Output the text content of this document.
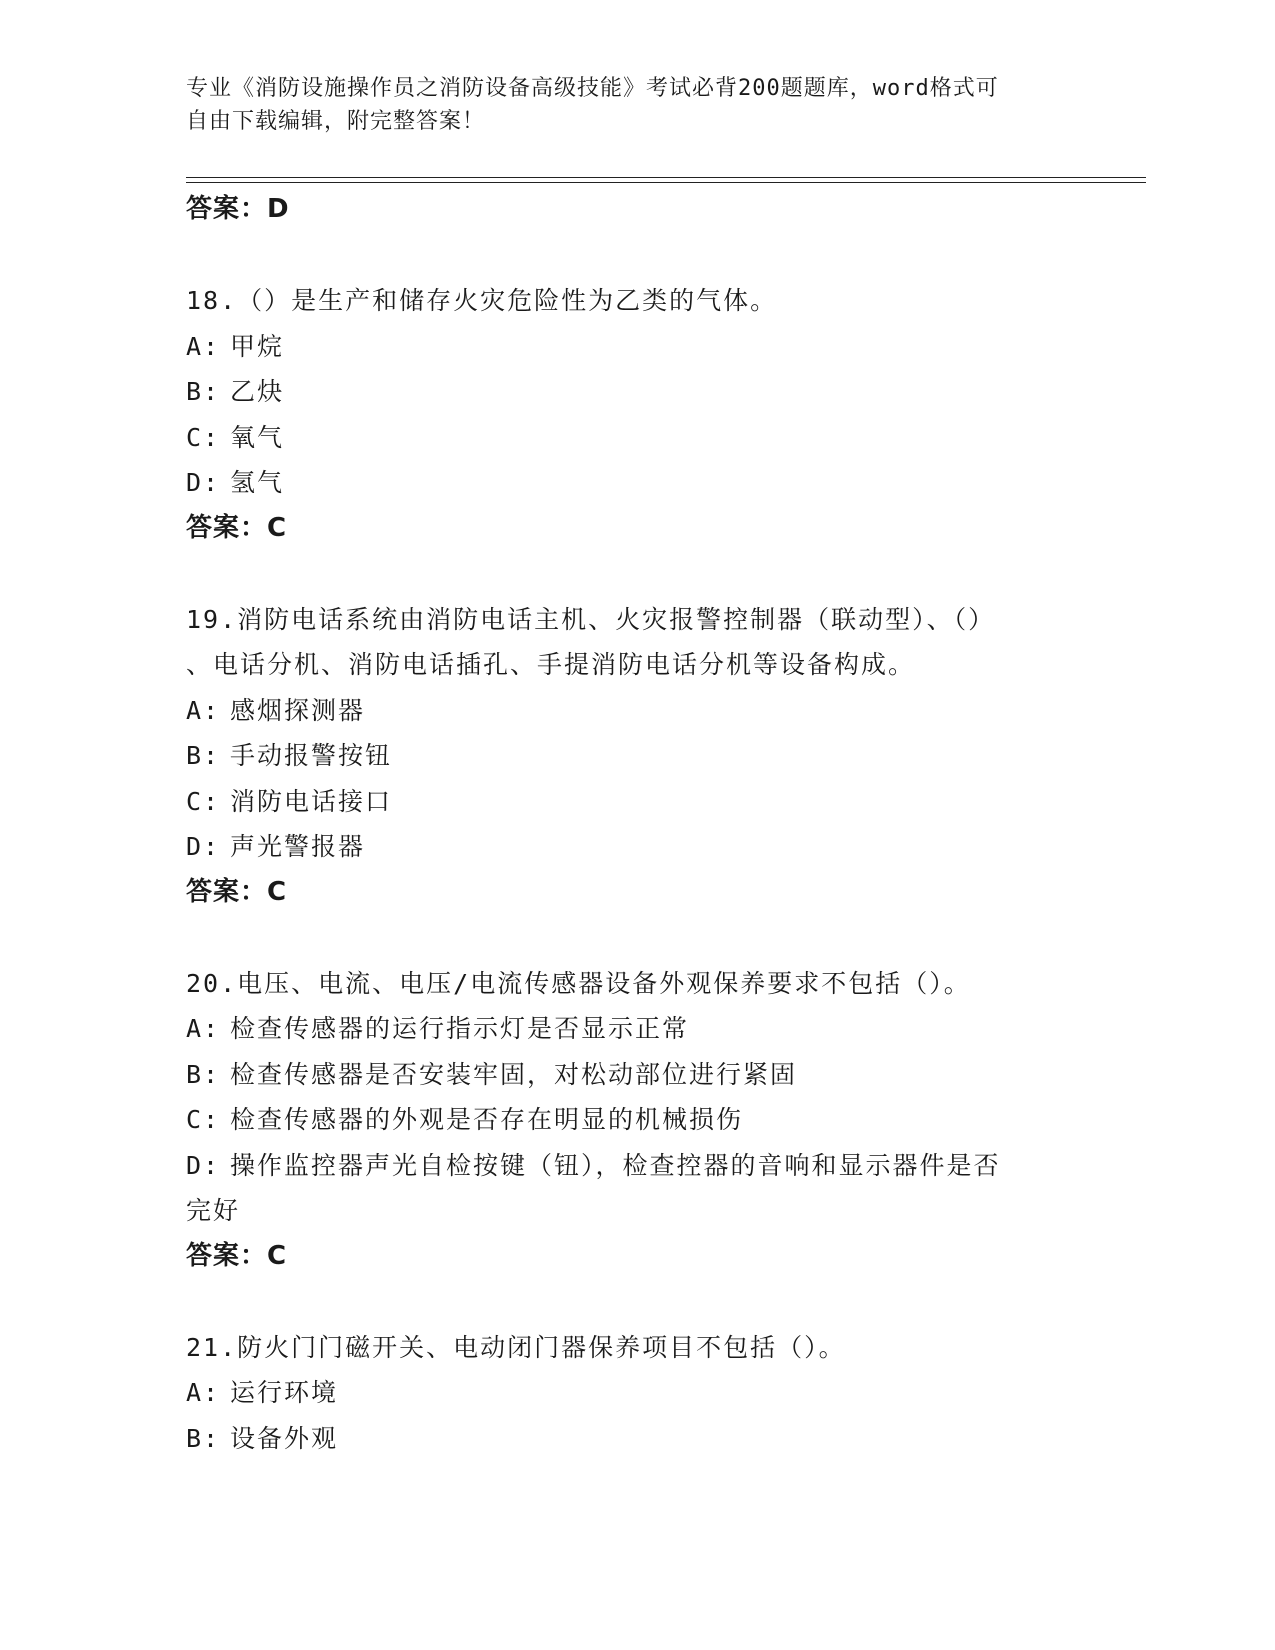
专业《消防设施操作员之消防设备高级技能》考试必背200题题库，word格式可
自由下载编辑，附完整答案！
答案：D
18.（）是生产和储存火灾危险性为乙类的气体。
A: 甲烷
B: 乙炔
C: 氧气
D: 氢气
答案：C
19.消防电话系统由消防电话主机、火灾报警控制器（联动型）、（）
、电话分机、消防电话插孔、手提消防电话分机等设备构成。
A: 感烟探测器
B: 手动报警按钮
C: 消防电话接口
D: 声光警报器
答案：C
20.电压、电流、电压/电流传感器设备外观保养要求不包括（）。
A: 检查传感器的运行指示灯是否显示正常
B: 检查传感器是否安装牢固，对松动部位进行紧固
C: 检查传感器的外观是否存在明显的机械损伤
D: 操作监控器声光自检按键（钮），检查控器的音响和显示器件是否
完好
答案：C
21.防火门门磁开关、电动闭门器保养项目不包括（）。
A: 运行环境
B: 设备外观
